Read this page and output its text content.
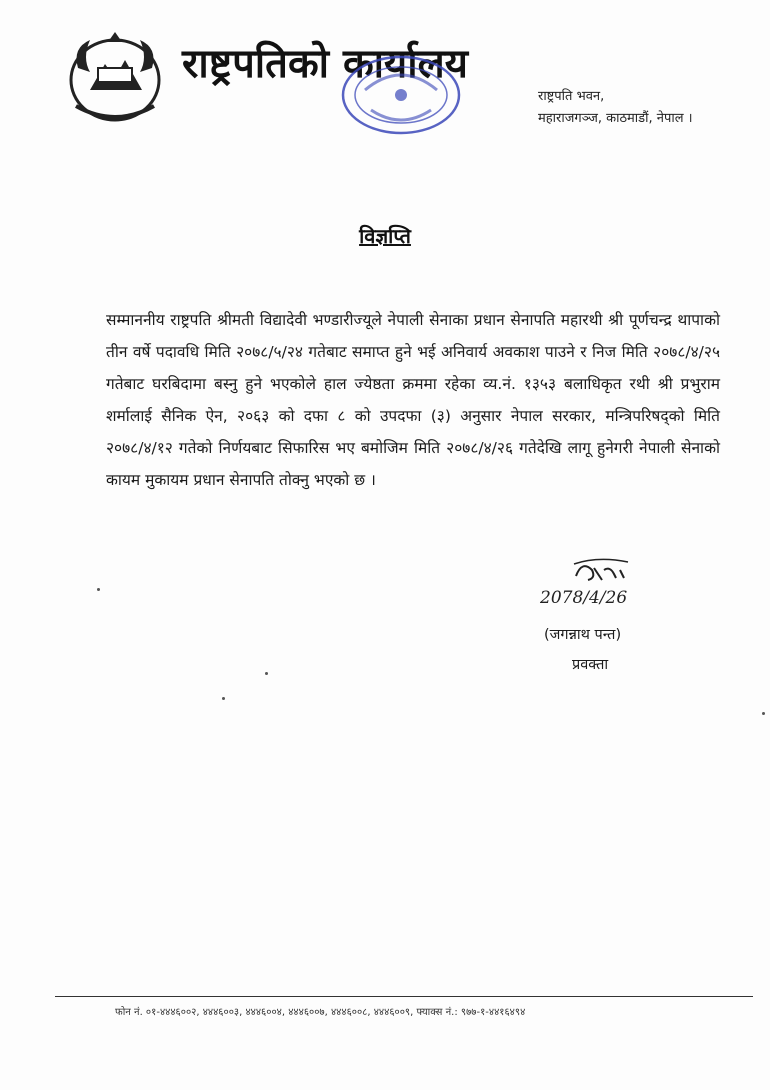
राष्ट्रपतिको कार्यालय
राष्ट्रपति भवन,
महाराजगञ्ज, काठमाडौं, नेपाल ।
विज्ञप्ति
सम्माननीय राष्ट्रपति श्रीमती विद्यादेवी भण्डारीज्यूले नेपाली सेनाका प्रधान सेनापति महारथी श्री पूर्णचन्द्र थापाको तीन वर्षे पदावधि मिति २०७८/५/२४ गतेबाट समाप्त हुने भई अनिवार्य अवकाश पाउने र निज मिति २०७८/४/२५ गतेबाट घरबिदामा बस्नु हुने भएकोले हाल ज्येष्ठता क्रममा रहेका व्य.नं. १३५३ बलाधिकृत रथी श्री प्रभुराम शर्मालाई सैनिक ऐन, २०६३ को दफा ८ को उपदफा (३) अनुसार नेपाल सरकार, मन्त्रिपरिषद्को मिति २०७८/४/१२ गतेको निर्णयबाट सिफारिस भए बमोजिम मिति २०७८/४/२६ गतेदेखि लागू हुनेगरी नेपाली सेनाको कायम मुकायम प्रधान सेनापति तोक्नु भएको छ ।
2078/4/26
(जगन्नाथ पन्त)
प्रवक्ता
फोन नं. ०१-४४४६००२, ४४४६००३, ४४४६००४, ४४४६००७, ४४४६००८, ४४४६००९, फ्याक्स नं.: ९७७-१-४४१६४९४
